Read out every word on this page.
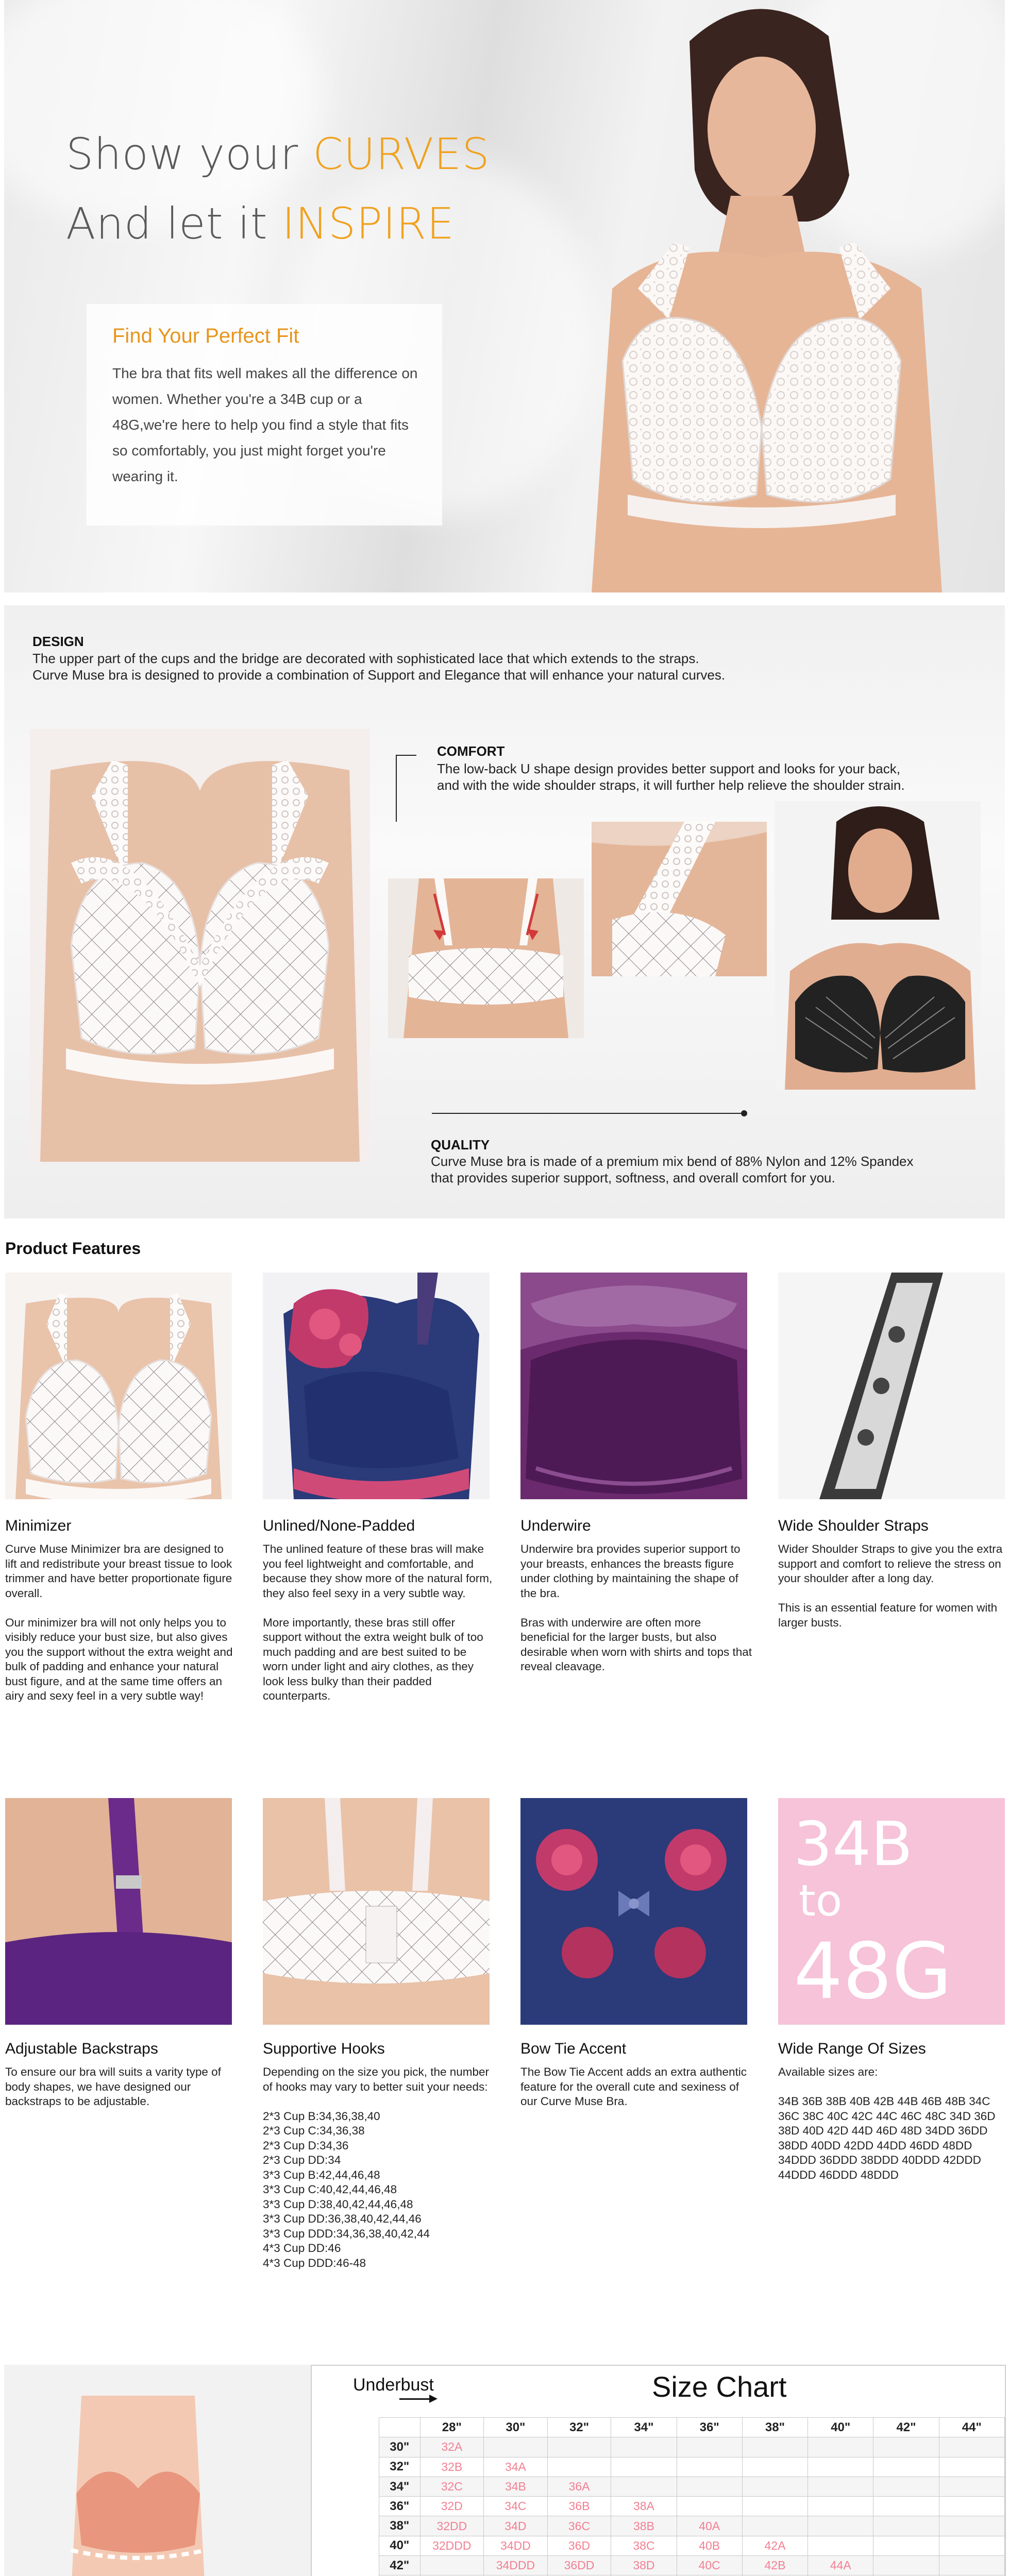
Show your CURVES
And let it INSPIRE
Find Your Perfect Fit
The bra that fits well makes all the difference on women. Whether you're a 34B cup or a 48G,we're here to help you find a style that fits so comfortably, you just might forget you're wearing it.
DESIGN
The upper part of the cups and the bridge are decorated with sophisticated lace that which extends to the straps.
Curve Muse bra is designed to provide a combination of Support and Elegance that will enhance your natural curves.
COMFORT
The low-back U shape design provides better support and looks for your back,
and with the wide shoulder straps, it will further help relieve the shoulder strain.
QUALITY
Curve Muse bra is made of a premium mix bend of 88% Nylon and 12% Spandex
that provides superior support, softness, and overall comfort for you.
Product Features
Minimizer
Curve Muse Minimizer bra are designed to lift and redistribute your breast tissue to look trimmer and have better proportionate figure overall.

Our minimizer bra will not only helps you to visibly reduce your bust size, but also gives you the support without the extra weight and bulk of padding and enhance your natural bust figure, and at the same time offers an airy and sexy feel in a very subtle way!
Unlined/None-Padded
The unlined feature of these bras will make you feel lightweight and comfortable, and because they show more of the natural form, they also feel sexy in a very subtle way.

More importantly, these bras still offer support without the extra weight bulk of too much padding and are best suited to be worn under light and airy clothes, as they look less bulky than their padded counterparts.
Underwire
Underwire bra provides superior support to your breasts, enhances the breasts figure under clothing by maintaining the shape of the bra.

Bras with underwire are often more beneficial for the larger busts, but also desirable when worn with shirts and tops that reveal cleavage.
Wide Shoulder Straps
Wider Shoulder Straps to give you the extra support and comfort to relieve the stress on your shoulder after a long day.

This is an essential feature for women with larger busts.
34B
to
48G
Adjustable Backstraps
To ensure our bra will suits a varity type of body shapes, we have designed our backstraps to be adjustable.
Supportive Hooks
Depending on the size you pick, the number of hooks may vary to better suit your needs:

2*3 Cup B:34,36,38,40
2*3 Cup C:34,36,38
2*3 Cup D:34,36
2*3 Cup DD:34
3*3 Cup B:42,44,46,48
3*3 Cup C:40,42,44,46,48
3*3 Cup D:38,40,42,44,46,48
3*3 Cup DD:36,38,40,42,44,46
3*3 Cup DDD:34,36,38,40,42,44
4*3 Cup DD:46
4*3 Cup DDD:46-48
Bow Tie Accent
The Bow Tie Accent adds an extra authentic feature for the overall cute and sexiness of our Curve Muse Bra.
Wide Range Of Sizes
Available sizes are:

34B 36B 38B 40B 42B 44B 46B 48B 34C 36C 38C 40C 42C 44C 46C 48C 34D 36D 38D 40D 42D 44D 46D 48D 34DD 36DD 38DD 40DD 42DD 44DD 46DD 48DD 34DDD 36DDD 38DDD 40DDD 42DDD 44DDD 46DDD 48DDD
Underbust	Size Chart
	28"	30"	32"	34"	36"	38"	40"	42"	44"
30"	32A								
32"	32B	34A							
34"	32C	34B	36A						
36"	32D	34C	36B	38A					
38"	32DD	34D	36C	38B	40A				
40"	32DDD	34DD	36D	38C	40B	42A			
42"		34DDD	36DD	38D	40C	42B	44A		
